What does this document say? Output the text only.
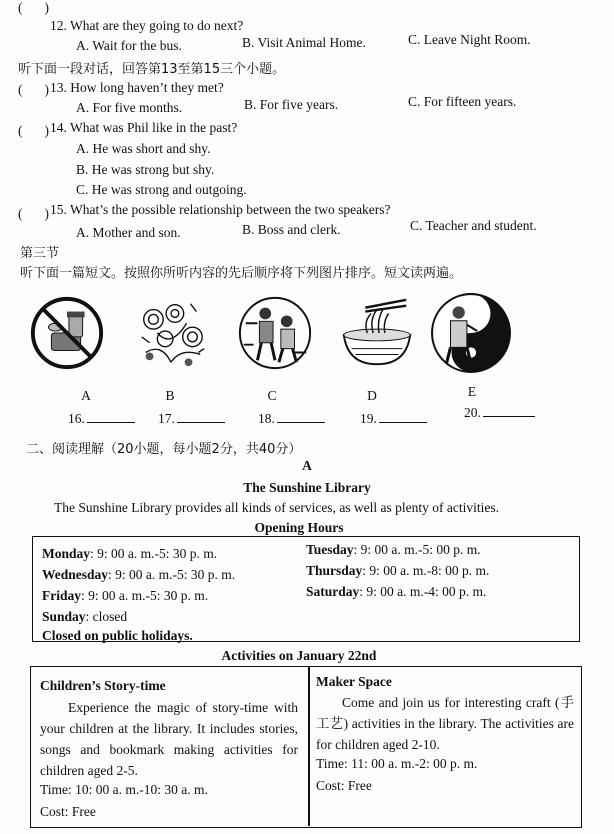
( )
12. What are they going to do next?
A. Wait for the bus.	B. Visit Animal Home.	C. Leave Night Room.
听下面一段对话，回答第13至第15三个小题。
( ) 13. How long haven’t they met?
A. For five months.	B. For five years.	C. For fifteen years.
( ) 14. What was Phil like in the past?
A. He was short and shy.
B. He was strong but shy.
C. He was strong and outgoing.
( ) 15. What’s the possible relationship between the two speakers?
A. Mother and son.	B. Boss and clerk.	C. Teacher and student.
第三节
听下面一篇短文。按照你所听内容的先后顺序将下列图片排序。短文读两遍。
A	B	C	D	E
16.	17.	18.	19.	20.
二、阅读理解（20小题，每小题2分，共40分）
A
The Sunshine Library
The Sunshine Library provides all kinds of services, as well as plenty of activities.
Opening Hours
Monday: 9: 00 a. m.-5: 30 p. m.	Tuesday: 9: 00 a. m.-5: 00 p. m.
Wednesday: 9: 00 a. m.-5: 30 p. m.	Thursday: 9: 00 a. m.-8: 00 p. m.
Friday: 9: 00 a. m.-5: 30 p. m.	Saturday: 9: 00 a. m.-4: 00 p. m.
Sunday: closed
Closed on public holidays.
Activities on January 22nd
Children’s Story-time
Experience the magic of story-time with your children at the library. It includes stories, songs and bookmark making activities for children aged 2-5.
Time: 10: 00 a. m.-10: 30 a. m.
Cost: Free
Maker Space
Come and join us for interesting craft (手工艺) activities in the library. The activities are for children aged 2-10.
Time: 11: 00 a. m.-2: 00 p. m.
Cost: Free
